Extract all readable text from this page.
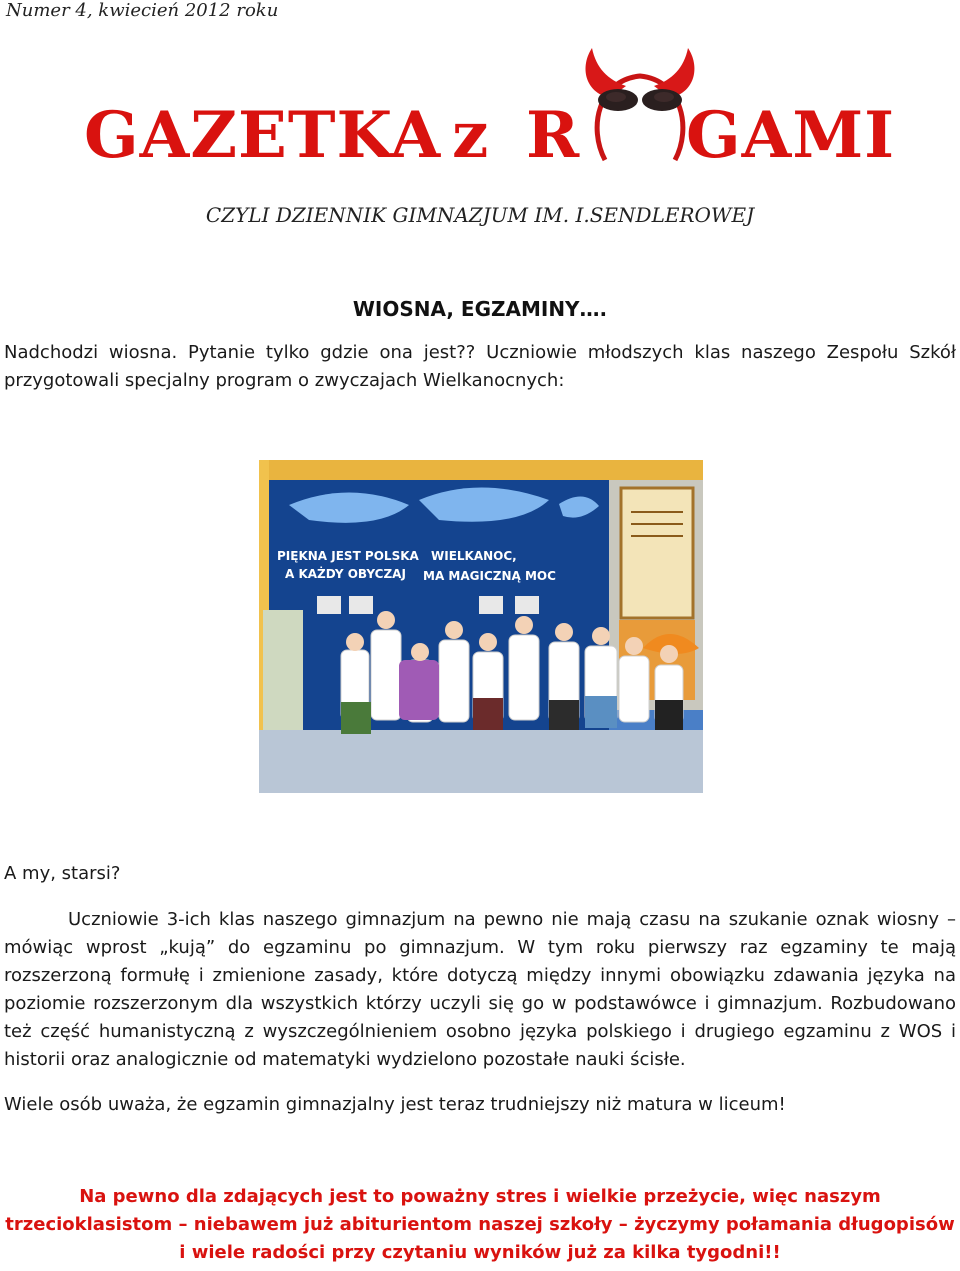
Numer 4, kwiecień 2012 roku
GAZETKA z R GAMI
CZYLI DZIENNIK GIMNAZJUM IM. I.SENDLEROWEJ
WIOSNA, EGZAMINY….
Nadchodzi wiosna. Pytanie tylko gdzie ona jest?? Uczniowie młodszych klas naszego Zespołu Szkół przygotowali specjalny program o zwyczajach Wielkanocnych:
PIĘKNA JEST POLSKA
A KAŻDY OBYCZAJ
WIELKANOC,
MA MAGICZNĄ MOC
A my, starsi?
Uczniowie 3-ich klas naszego gimnazjum na pewno nie mają czasu na szukanie oznak wiosny – mówiąc wprost „kują” do egzaminu po gimnazjum. W tym roku pierwszy raz egzaminy te mają rozszerzoną formułę i zmienione zasady, które dotyczą między innymi obowiązku zdawania języka na poziomie rozszerzonym dla wszystkich którzy uczyli się go w podstawówce i gimnazjum. Rozbudowano też część humanistyczną z wyszczególnieniem osobno języka polskiego i drugiego egzaminu z WOS i historii oraz analogicznie od matematyki wydzielono pozostałe nauki ścisłe.
Wiele osób uważa, że egzamin gimnazjalny jest teraz trudniejszy niż matura w liceum!
Na pewno dla zdających jest to poważny stres i wielkie przeżycie, więc naszym trzecioklasistom – niebawem już abiturientom naszej szkoły – życzymy połamania długopisów i wiele radości przy czytaniu wyników już za kilka tygodni!!
